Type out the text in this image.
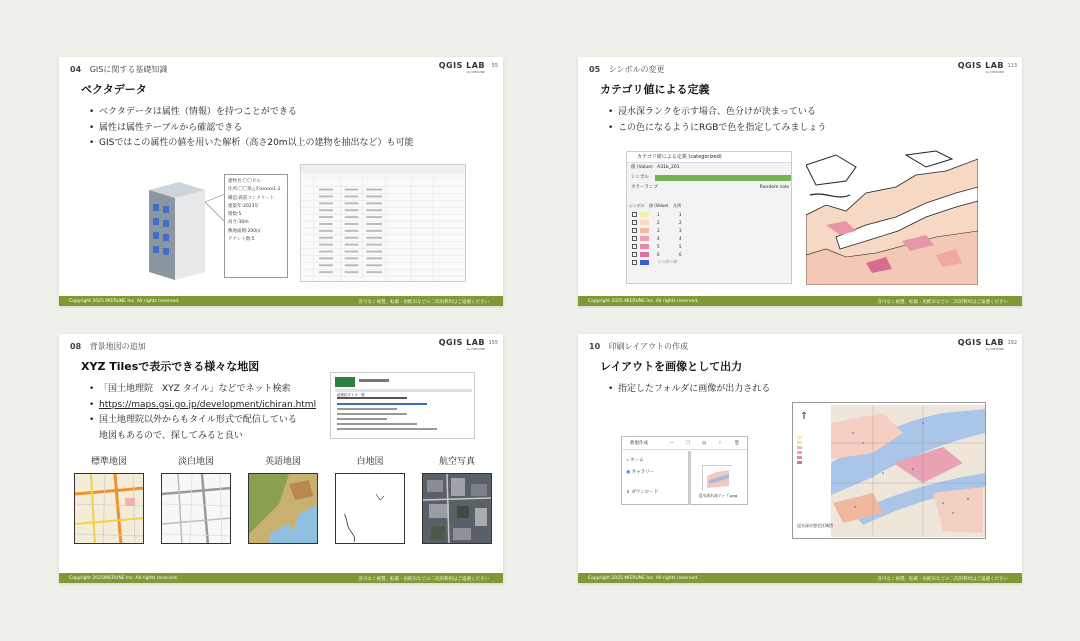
04 GISに関する基礎知識	QGIS LAB
by MIERUNE
55
ベクタデータ
• ベクタデータは属性（情報）を持つことができる
• 属性は属性テーブルから確認できる
• GISではこの属性の値を用いた解析（高さ20m以上の建物を抽出など）も可能
建物名:〇〇ビル
住所:〇〇県△市xxxxx1-2
構造:鉄筋コンクリート
建築年:2023年
階数:5
高さ:30m
敷地面積:200㎡
テナント数:5
Copyright 2025 MIERUNE Inc. All rights reserved.	許可なく複製、転載・再配布などの二次的利用はご遠慮ください
05 シンボルの変更	QGIS LAB
by MIERUNE
113
カテゴリ値による定義
• 浸水深ランクを示す場合、色分けが決まっている
• この色になるようにRGBで色を指定してみましょう
カテゴリ値による定義 (categorized)
値 (Value) A31b_201
シンボル
カラーランプ	Random colo
シンボル	値 (Value)	凡例
1	1
2	2
3	3
4	4
5	5
6	6
その他の値
Copyright 2025 MIERUNE Inc. All rights reserved.	許可なく複製、転載・再配布などの二次的利用はご遠慮ください
08 背景地図の追加	QGIS LAB
by MIERUNE
155
XYZ Tilesで表示できる様々な地図
• 「国土地理院　XYZ タイル」などでネット検索
• https://maps.gsi.go.jp/development/ichiran.html
• 国土地理院以外からもタイル形式で配信している
地図もあるので、探してみると良い
地理院タイル一覧
標準地図	淡白地図	英語地図	白地図	航空写真
Copyright 2025MIERUNE Inc. All rights reserved.	許可なく複製、転載・再配布などの二次的利用はご遠慮ください
10 印刷レイアウトの作成	QGIS LAB
by MIERUNE
192
レイアウトを画像として出力
• 指定したフォルダに画像が出力される
新規作成	✂	❐	▤	⇪	🗑
⌂ ホーム
▣ ギャラリー
⬇ ダウンロード
浸水深水深マップ.png
⇑
浸水深水想定区域図
Copyright 2025 MIERUNE Inc. All rights reserved.	許可なく複製、転載・再配布などの二次的利用はご遠慮ください
